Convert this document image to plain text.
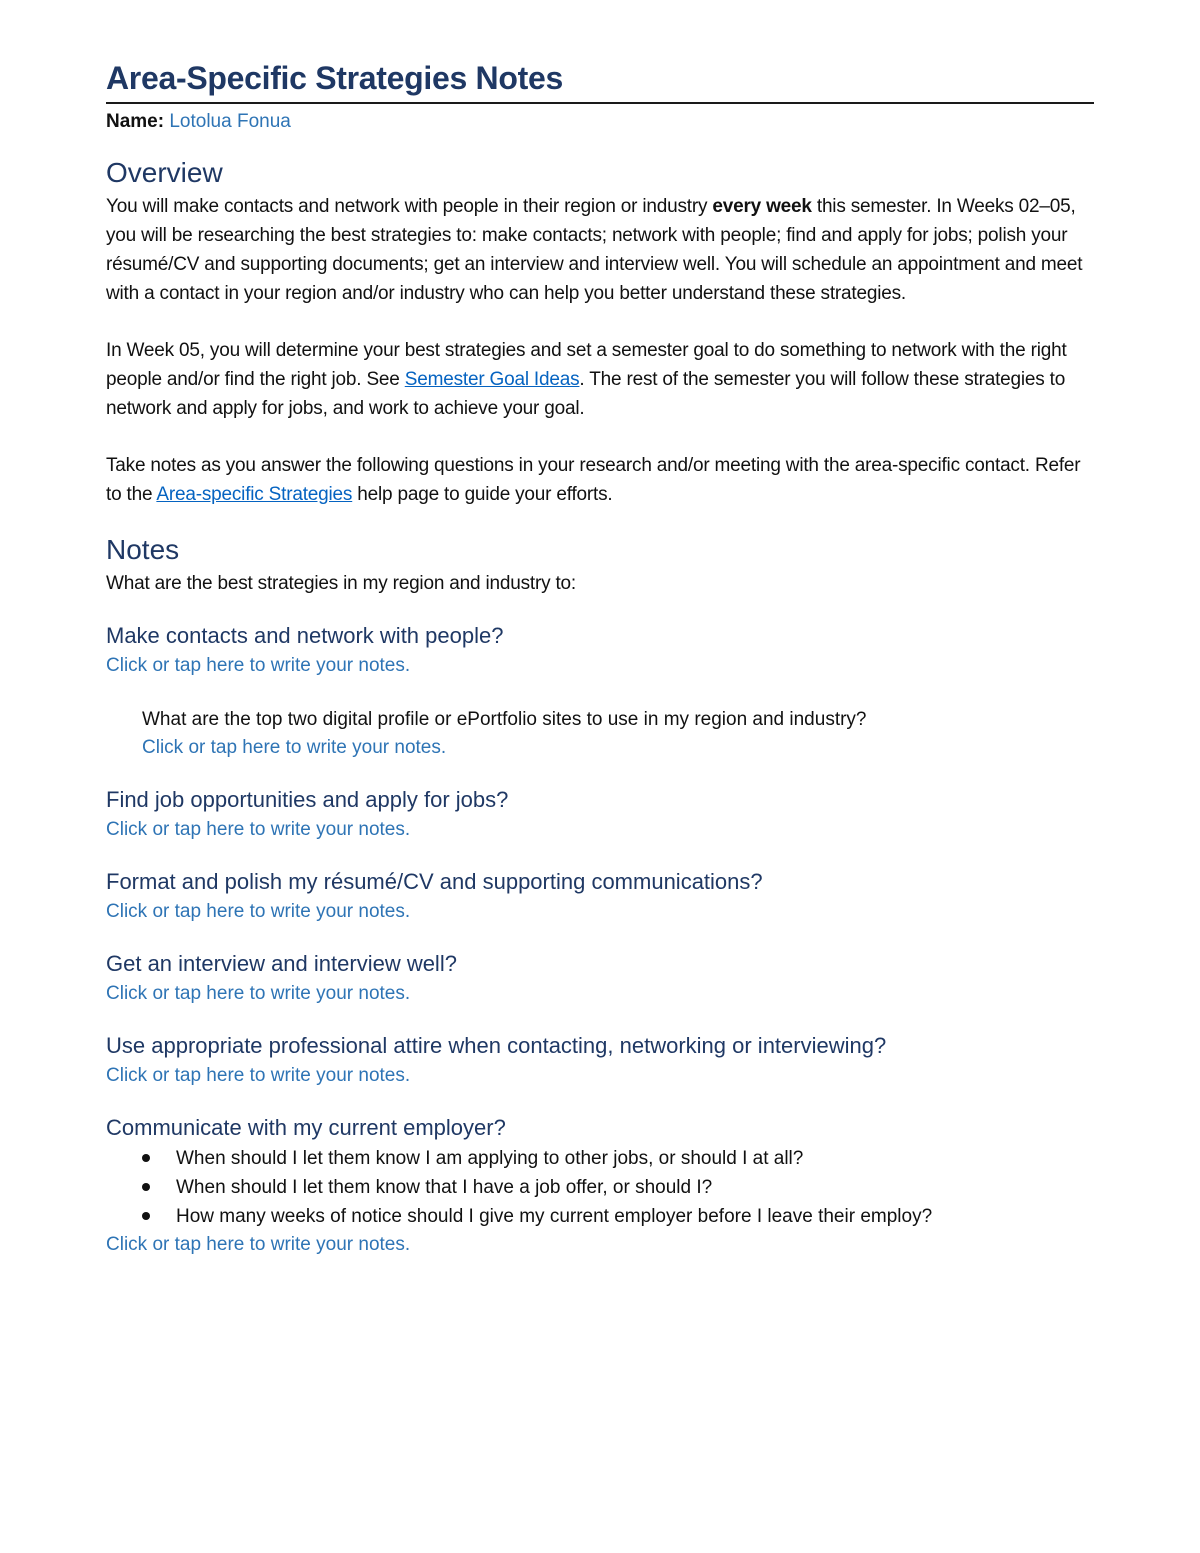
Area-Specific Strategies Notes
Name: Lotolua Fonua
Overview

You will make contacts and network with people in their region or industry every week this semester. In Weeks 02–05, you will be researching the best strategies to: make contacts; network with people; find and apply for jobs; polish your résumé/CV and supporting documents; get an interview and interview well. You will schedule an appointment and meet with a contact in your region and/or industry who can help you better understand these strategies.

In Week 05, you will determine your best strategies and set a semester goal to do something to network with the right people and/or find the right job. See Semester Goal Ideas. The rest of the semester you will follow these strategies to network and apply for jobs, and work to achieve your goal.

Take notes as you answer the following questions in your research and/or meeting with the area-specific contact. Refer to the Area-specific Strategies help page to guide your efforts.

Notes
What are the best strategies in my region and industry to:
Make contacts and network with people?
Click or tap here to write your notes.
What are the top two digital profile or ePortfolio sites to use in my region and industry?
Click or tap here to write your notes.
Find job opportunities and apply for jobs?
Click or tap here to write your notes.
Format and polish my résumé/CV and supporting communications?
Click or tap here to write your notes.
Get an interview and interview well?
Click or tap here to write your notes.
Use appropriate professional attire when contacting, networking or interviewing?
Click or tap here to write your notes.
Communicate with my current employer?
When should I let them know I am applying to other jobs, or should I at all?
When should I let them know that I have a job offer, or should I?
How many weeks of notice should I give my current employer before I leave their employ?
Click or tap here to write your notes.
